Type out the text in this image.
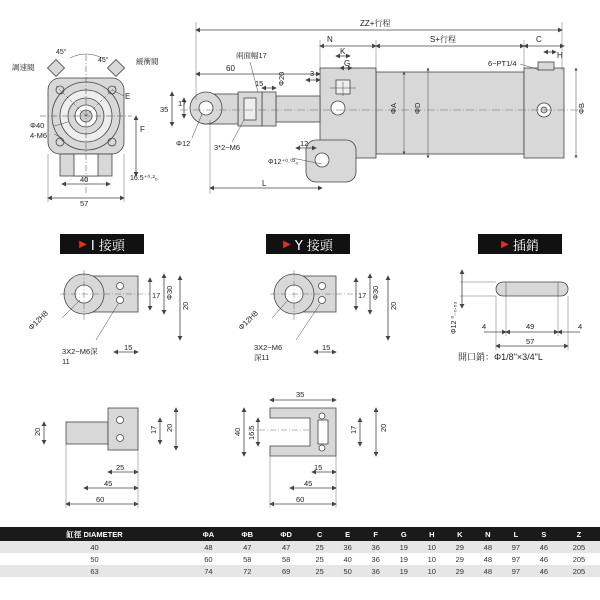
45°
45°
調速閥
緩衝閥
E
Φ40
4-M6
F
40
57
16.5⁺⁰·²₀
ZZ+行程
S+行程
N
K
C
H
G
兩面幅17
60
15 Φ20	3
6−PT1/4
35
17
Φ12	3*2−M6	12
Φ12⁺⁰·⁰³₀
L
ΦA ΦD	ΦB
Φ12H8
17 Φ30
20
3X2−M6深
11
15
20	17 20
25
45
60
Φ12H8
17 Φ30
20
3X2−M6
深11
15
35
40 16.5	17	20
15
45
60
Φ12 ⁰₋₀.₀₃	4	49	4
57
開口銷：Φ1/8"×3/4"L
▶ I 接頭	▶ Y 接頭	▶ 插銷
缸徑 DIAMETER	ΦA	ΦB	ΦD	C	E	F	G	H	K	N	L	S	Z
40	48	47	47	25	36	36	19	10	29	48	97	46	205
50	60	58	58	25	40	36	19	10	29	48	97	46	205
63	74	72	69	25	50	36	19	10	29	48	97	46	205
